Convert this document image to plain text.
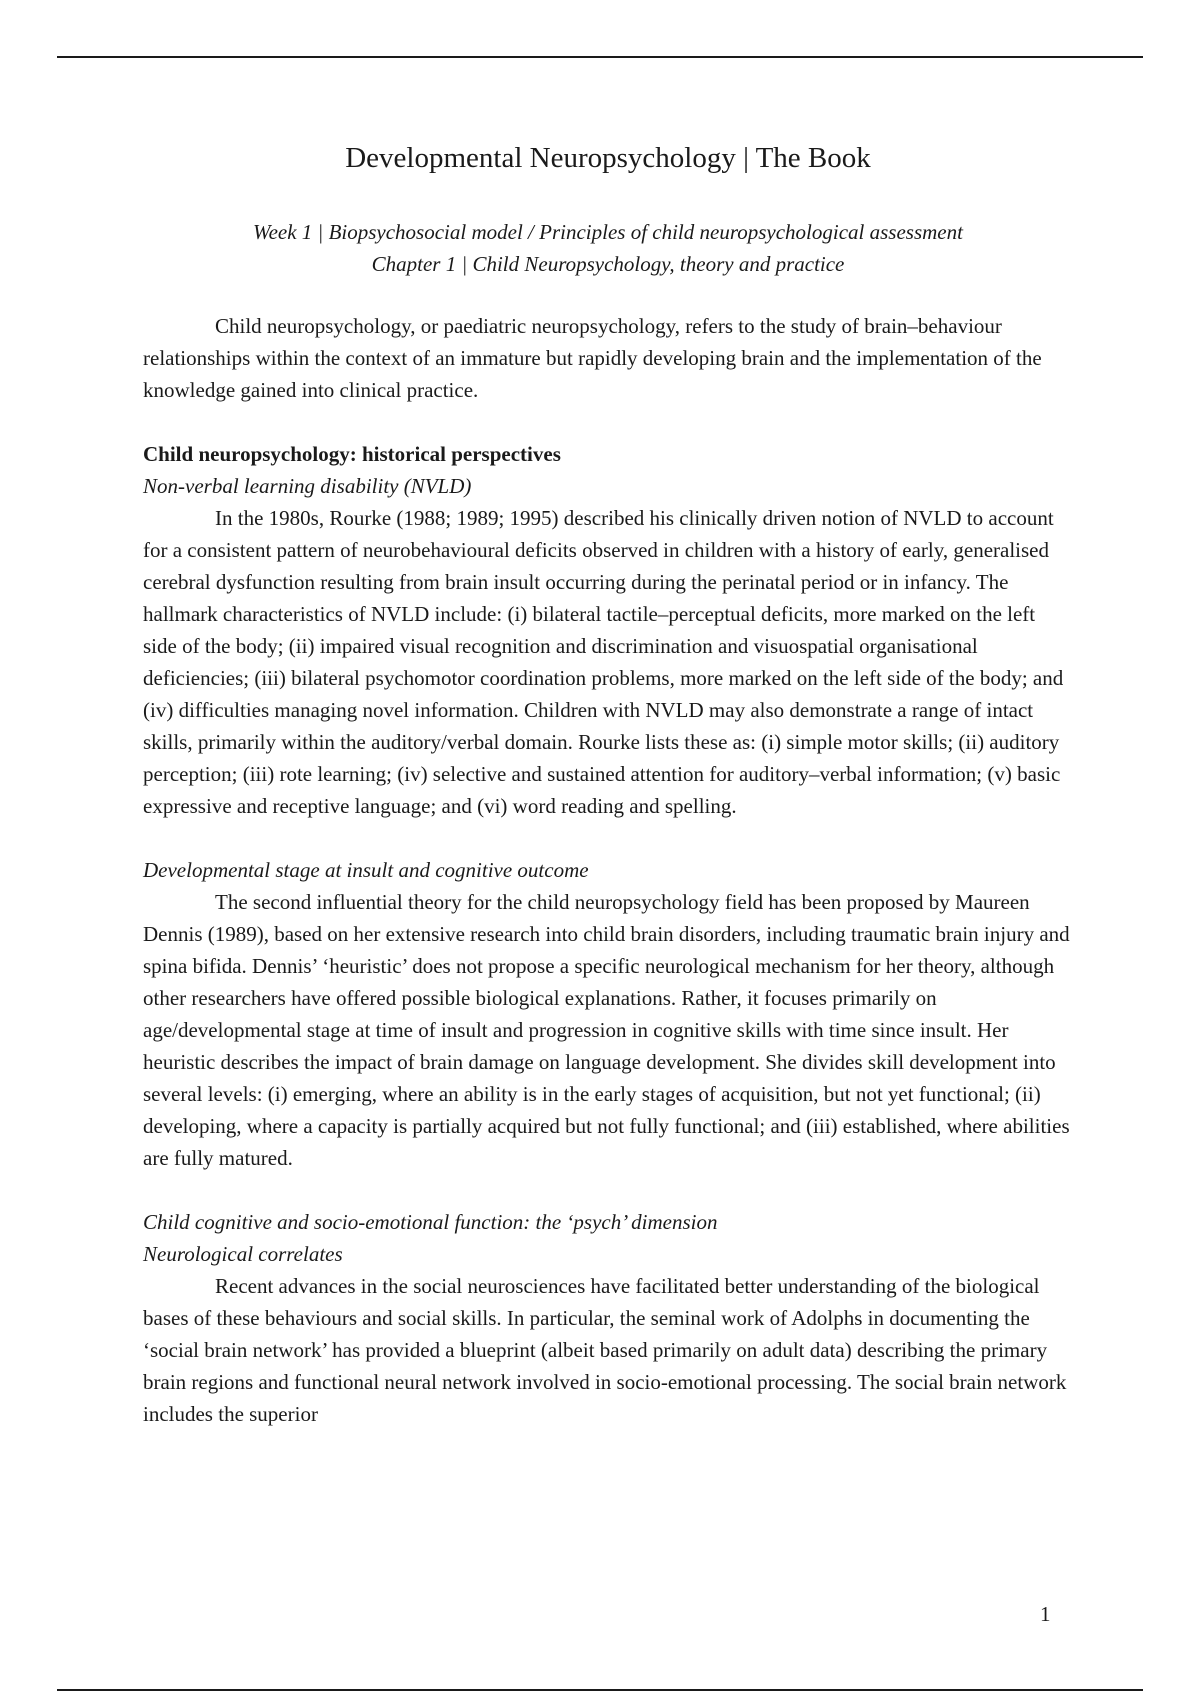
Developmental Neuropsychology | The Book

Week 1 | Biopsychosocial model / Principles of child neuropsychological assessment

Chapter 1 | Child Neuropsychology, theory and practice

Child neuropsychology, or paediatric neuropsychology, refers to the study of brain–behaviour relationships within the context of an immature but rapidly developing brain and the implementation of the knowledge gained into clinical practice.

Child neuropsychology: historical perspectives

Non-verbal learning disability (NVLD)

In the 1980s, Rourke (1988; 1989; 1995) described his clinically driven notion of NVLD to account for a consistent pattern of neurobehavioural deficits observed in children with a history of early, generalised cerebral dysfunction resulting from brain insult occurring during the perinatal period or in infancy. The hallmark characteristics of NVLD include: (i) bilateral tactile–perceptual deficits, more marked on the left side of the body; (ii) impaired visual recognition and discrimination and visuospatial organisational deficiencies; (iii) bilateral psychomotor coordination problems, more marked on the left side of the body; and (iv) difficulties managing novel information. Children with NVLD may also demonstrate a range of intact skills, primarily within the auditory/verbal domain. Rourke lists these as: (i) simple motor skills; (ii) auditory perception; (iii) rote learning; (iv) selective and sustained attention for auditory–verbal information; (v) basic expressive and receptive language; and (vi) word reading and spelling.

Developmental stage at insult and cognitive outcome

The second influential theory for the child neuropsychology field has been proposed by Maureen Dennis (1989), based on her extensive research into child brain disorders, including traumatic brain injury and spina bifida. Dennis’ ‘heuristic’ does not propose a specific neurological mechanism for her theory, although other researchers have offered possible biological explanations. Rather, it focuses primarily on age/developmental stage at time of insult and progression in cognitive skills with time since insult. Her heuristic describes the impact of brain damage on language development. She divides skill development into several levels: (i) emerging, where an ability is in the early stages of acquisition, but not yet functional; (ii) developing, where a capacity is partially acquired but not fully functional; and (iii) established, where abilities are fully matured.

Child cognitive and socio-emotional function: the ‘psych’ dimension

Neurological correlates

Recent advances in the social neurosciences have facilitated better understanding of the biological bases of these behaviours and social skills. In particular, the seminal work of Adolphs in documenting the ‘social brain network’ has provided a blueprint (albeit based primarily on adult data) describing the primary brain regions and functional neural network involved in socio-emotional processing. The social brain network includes the superior

1
